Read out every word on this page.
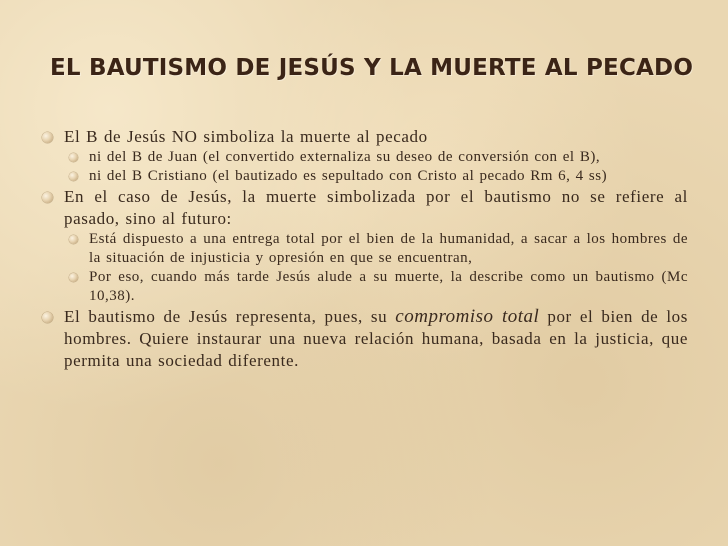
EL BAUTISMO DE JESÚS Y LA MUERTE AL PECADO
El B de Jesús NO simboliza la muerte al pecado
ni del B de Juan (el convertido externaliza su deseo de conversión con el B),
ni del B Cristiano (el bautizado es sepultado con Cristo al pecado Rm 6, 4 ss)
En el caso de Jesús, la muerte simbolizada por el bautismo no se refiere al pasado, sino al futuro:
Está dispuesto a una entrega total por el bien de la humanidad, a sacar a los hombres de la situación de injusticia y opresión en que se encuentran,
Por eso, cuando más tarde Jesús alude a su muerte, la describe como un bautismo (Mc 10,38).
El bautismo de Jesús representa, pues, su compromiso total por el bien de los hombres. Quiere instaurar una nueva relación humana, basada en la justicia, que permita una sociedad diferente.
